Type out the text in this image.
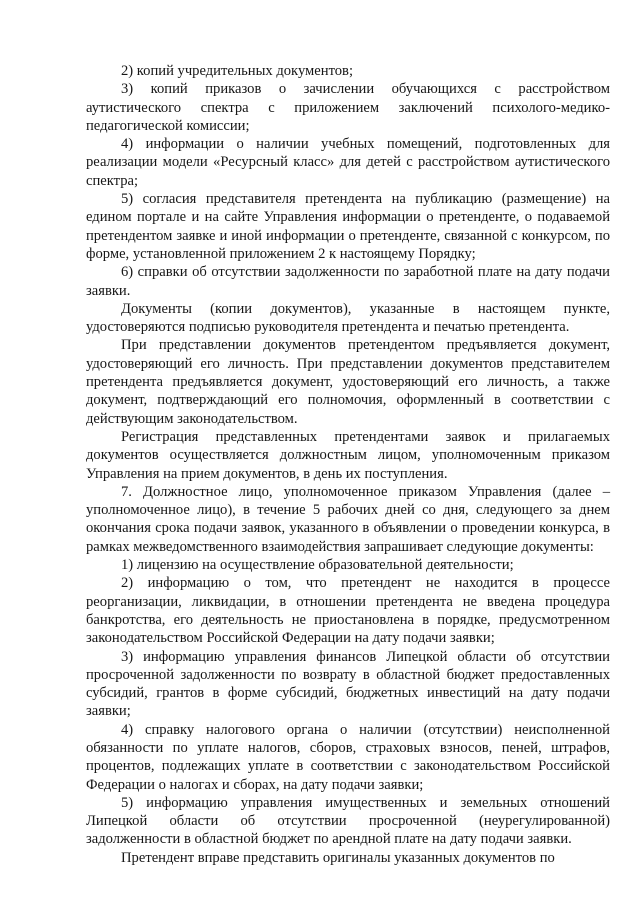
2) копий учредительных документов;

3) копий приказов о зачислении обучающихся с расстройством аутистического спектра с приложением заключений психолого-медико-педагогической комиссии;

4) информации о наличии учебных помещений, подготовленных для реализации модели «Ресурсный класс» для детей с расстройством аутистического спектра;

5) согласия представителя претендента на публикацию (размещение) на едином портале и на сайте Управления информации о претенденте, о подаваемой претендентом заявке и иной информации о претенденте, связанной с конкурсом, по форме, установленной приложением 2 к настоящему Порядку;

6) справки об отсутствии задолженности по заработной плате на дату подачи заявки.

Документы (копии документов), указанные в настоящем пункте, удостоверяются подписью руководителя претендента и печатью претендента.

При представлении документов претендентом предъявляется документ, удостоверяющий его личность. При представлении документов представителем претендента предъявляется документ, удостоверяющий его личность, а также документ, подтверждающий его полномочия, оформленный в соответствии с действующим законодательством.

Регистрация представленных претендентами заявок и прилагаемых документов осуществляется должностным лицом, уполномоченным приказом Управления на прием документов, в день их поступления.

7. Должностное лицо, уполномоченное приказом Управления (далее – уполномоченное лицо), в течение 5 рабочих дней со дня, следующего за днем окончания срока подачи заявок, указанного в объявлении о проведении конкурса, в рамках межведомственного взаимодействия запрашивает следующие документы:

1) лицензию на осуществление образовательной деятельности;

2) информацию о том, что претендент не находится в процессе реорганизации, ликвидации, в отношении претендента не введена процедура банкротства, его деятельность не приостановлена в порядке, предусмотренном законодательством Российской Федерации на дату подачи заявки;

3) информацию управления финансов Липецкой области об отсутствии просроченной задолженности по возврату в областной бюджет предоставленных субсидий, грантов в форме субсидий, бюджетных инвестиций на дату подачи заявки;

4) справку налогового органа о наличии (отсутствии) неисполненной обязанности по уплате налогов, сборов, страховых взносов, пеней, штрафов, процентов, подлежащих уплате в соответствии с законодательством Российской Федерации о налогах и сборах, на дату подачи заявки;

5) информацию управления имущественных и земельных отношений Липецкой области об отсутствии просроченной (неурегулированной) задолженности в областной бюджет по арендной плате на дату подачи заявки.

Претендент вправе представить оригиналы указанных документов по
